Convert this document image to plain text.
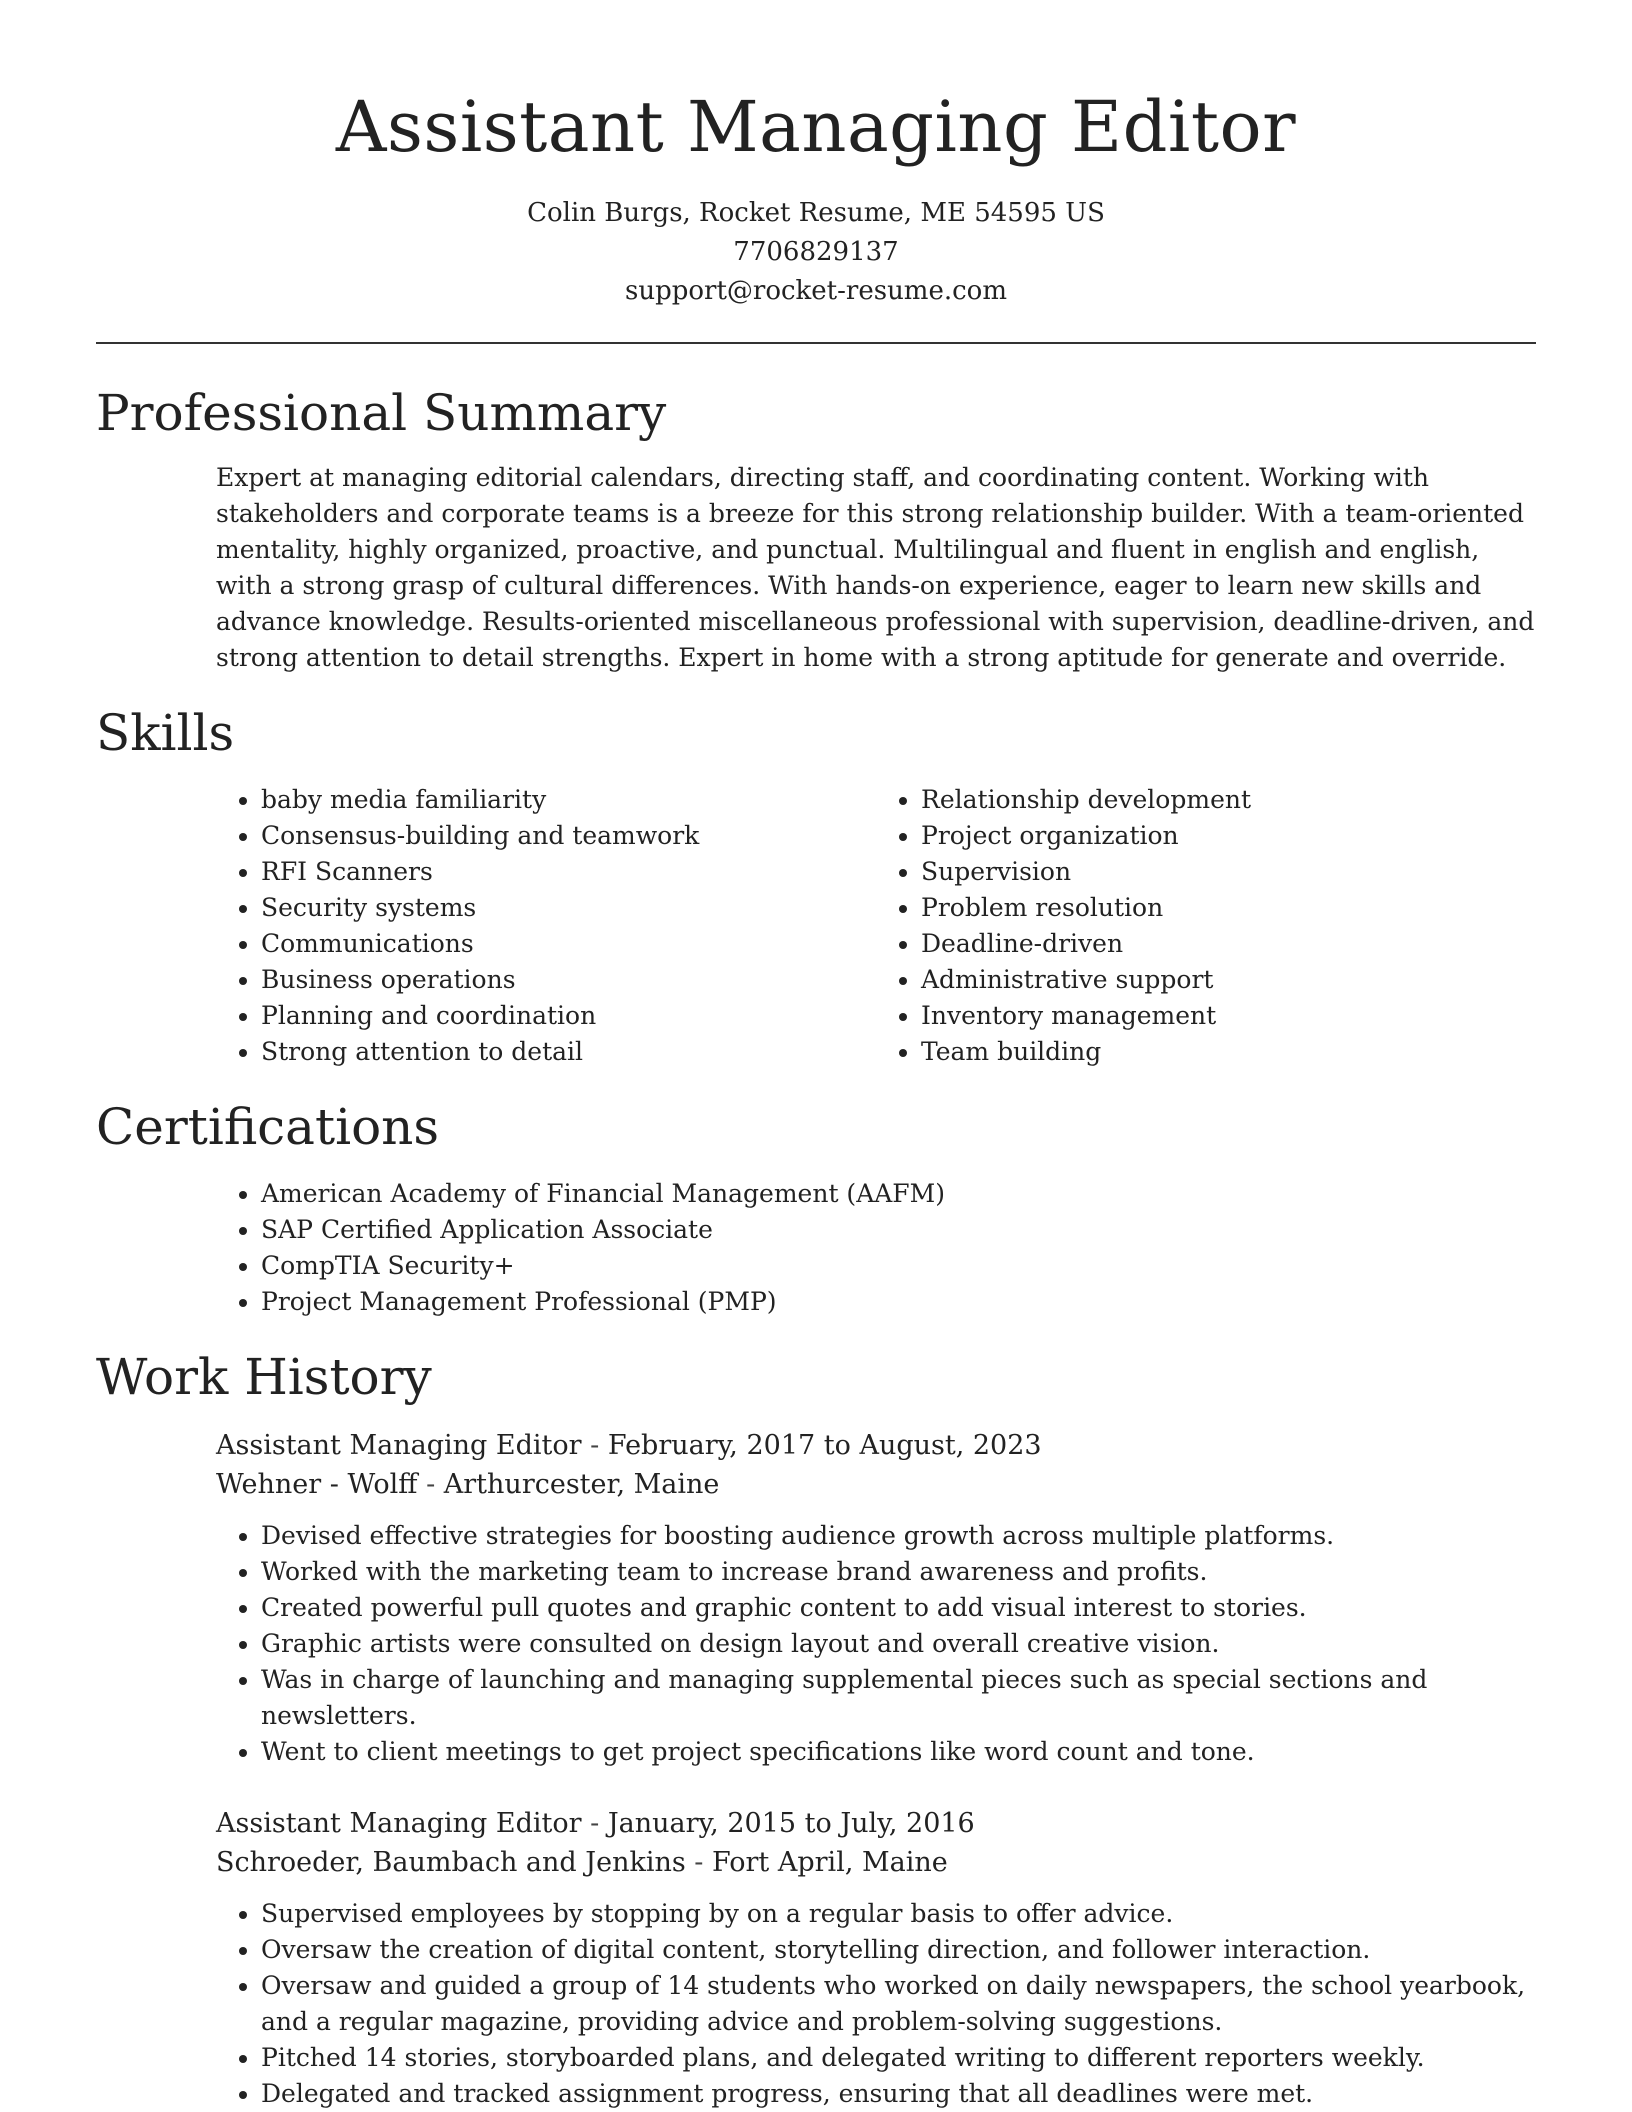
Assistant Managing Editor
Colin Burgs, Rocket Resume, ME 54595 US
7706829137
support@rocket-resume.com
Professional Summary

Expert at managing editorial calendars, directing staff, and coordinating content. Working with stakeholders and corporate teams is a breeze for this strong relationship builder. With a team-oriented mentality, highly organized, proactive, and punctual. Multilingual and fluent in english and english, with a strong grasp of cultural differences. With hands-on experience, eager to learn new skills and advance knowledge. Results-oriented miscellaneous professional with supervision, deadline-driven, and strong attention to detail strengths. Expert in home with a strong aptitude for generate and override.

Skills
• baby media familiarity
• Consensus-building and teamwork
• RFI Scanners
• Security systems
• Communications
• Business operations
• Planning and coordination
• Strong attention to detail
• Relationship development
• Project organization
• Supervision
• Problem resolution
• Deadline-driven
• Administrative support
• Inventory management
• Team building
Certifications
• American Academy of Financial Management (AAFM)
• SAP Certified Application Associate
• CompTIA Security+
• Project Management Professional (PMP)
Work History
Assistant Managing Editor - February, 2017 to August, 2023
Wehner - Wolff - Arthurcester, Maine
• Devised effective strategies for boosting audience growth across multiple platforms.
• Worked with the marketing team to increase brand awareness and profits.
• Created powerful pull quotes and graphic content to add visual interest to stories.
• Graphic artists were consulted on design layout and overall creative vision.
• Was in charge of launching and managing supplemental pieces such as special sections and newsletters.
• Went to client meetings to get project specifications like word count and tone.
Assistant Managing Editor - January, 2015 to July, 2016
Schroeder, Baumbach and Jenkins - Fort April, Maine
• Supervised employees by stopping by on a regular basis to offer advice.
• Oversaw the creation of digital content, storytelling direction, and follower interaction.
• Oversaw and guided a group of 14 students who worked on daily newspapers, the school yearbook, and a regular magazine, providing advice and problem-solving suggestions.
• Pitched 14 stories, storyboarded plans, and delegated writing to different reporters weekly.
• Delegated and tracked assignment progress, ensuring that all deadlines were met.
